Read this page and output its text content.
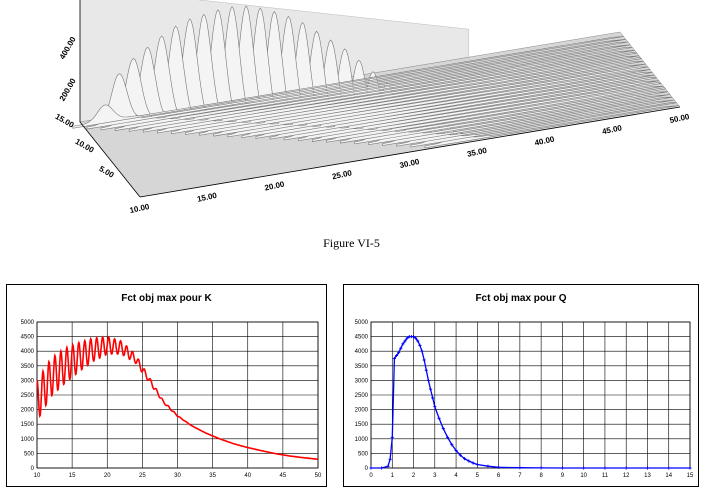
200.00
400.00
10.00
15.00
20.00
25.00
30.00
35.00
40.00
45.00
50.00
5.00
10.00
15.00
Figure VI-5
Fct obj max pour K
0
500
1000
1500
2000
2500
3000
3500
4000
4500
5000
10	15	20	25	30	35	40	45	50
Fct obj max pour Q
0
500
1000
1500
2000
2500
3000
3500
4000
4500
5000
0	1	2	3	4	5	6	7	8	9	10 11 12 13 14 15
